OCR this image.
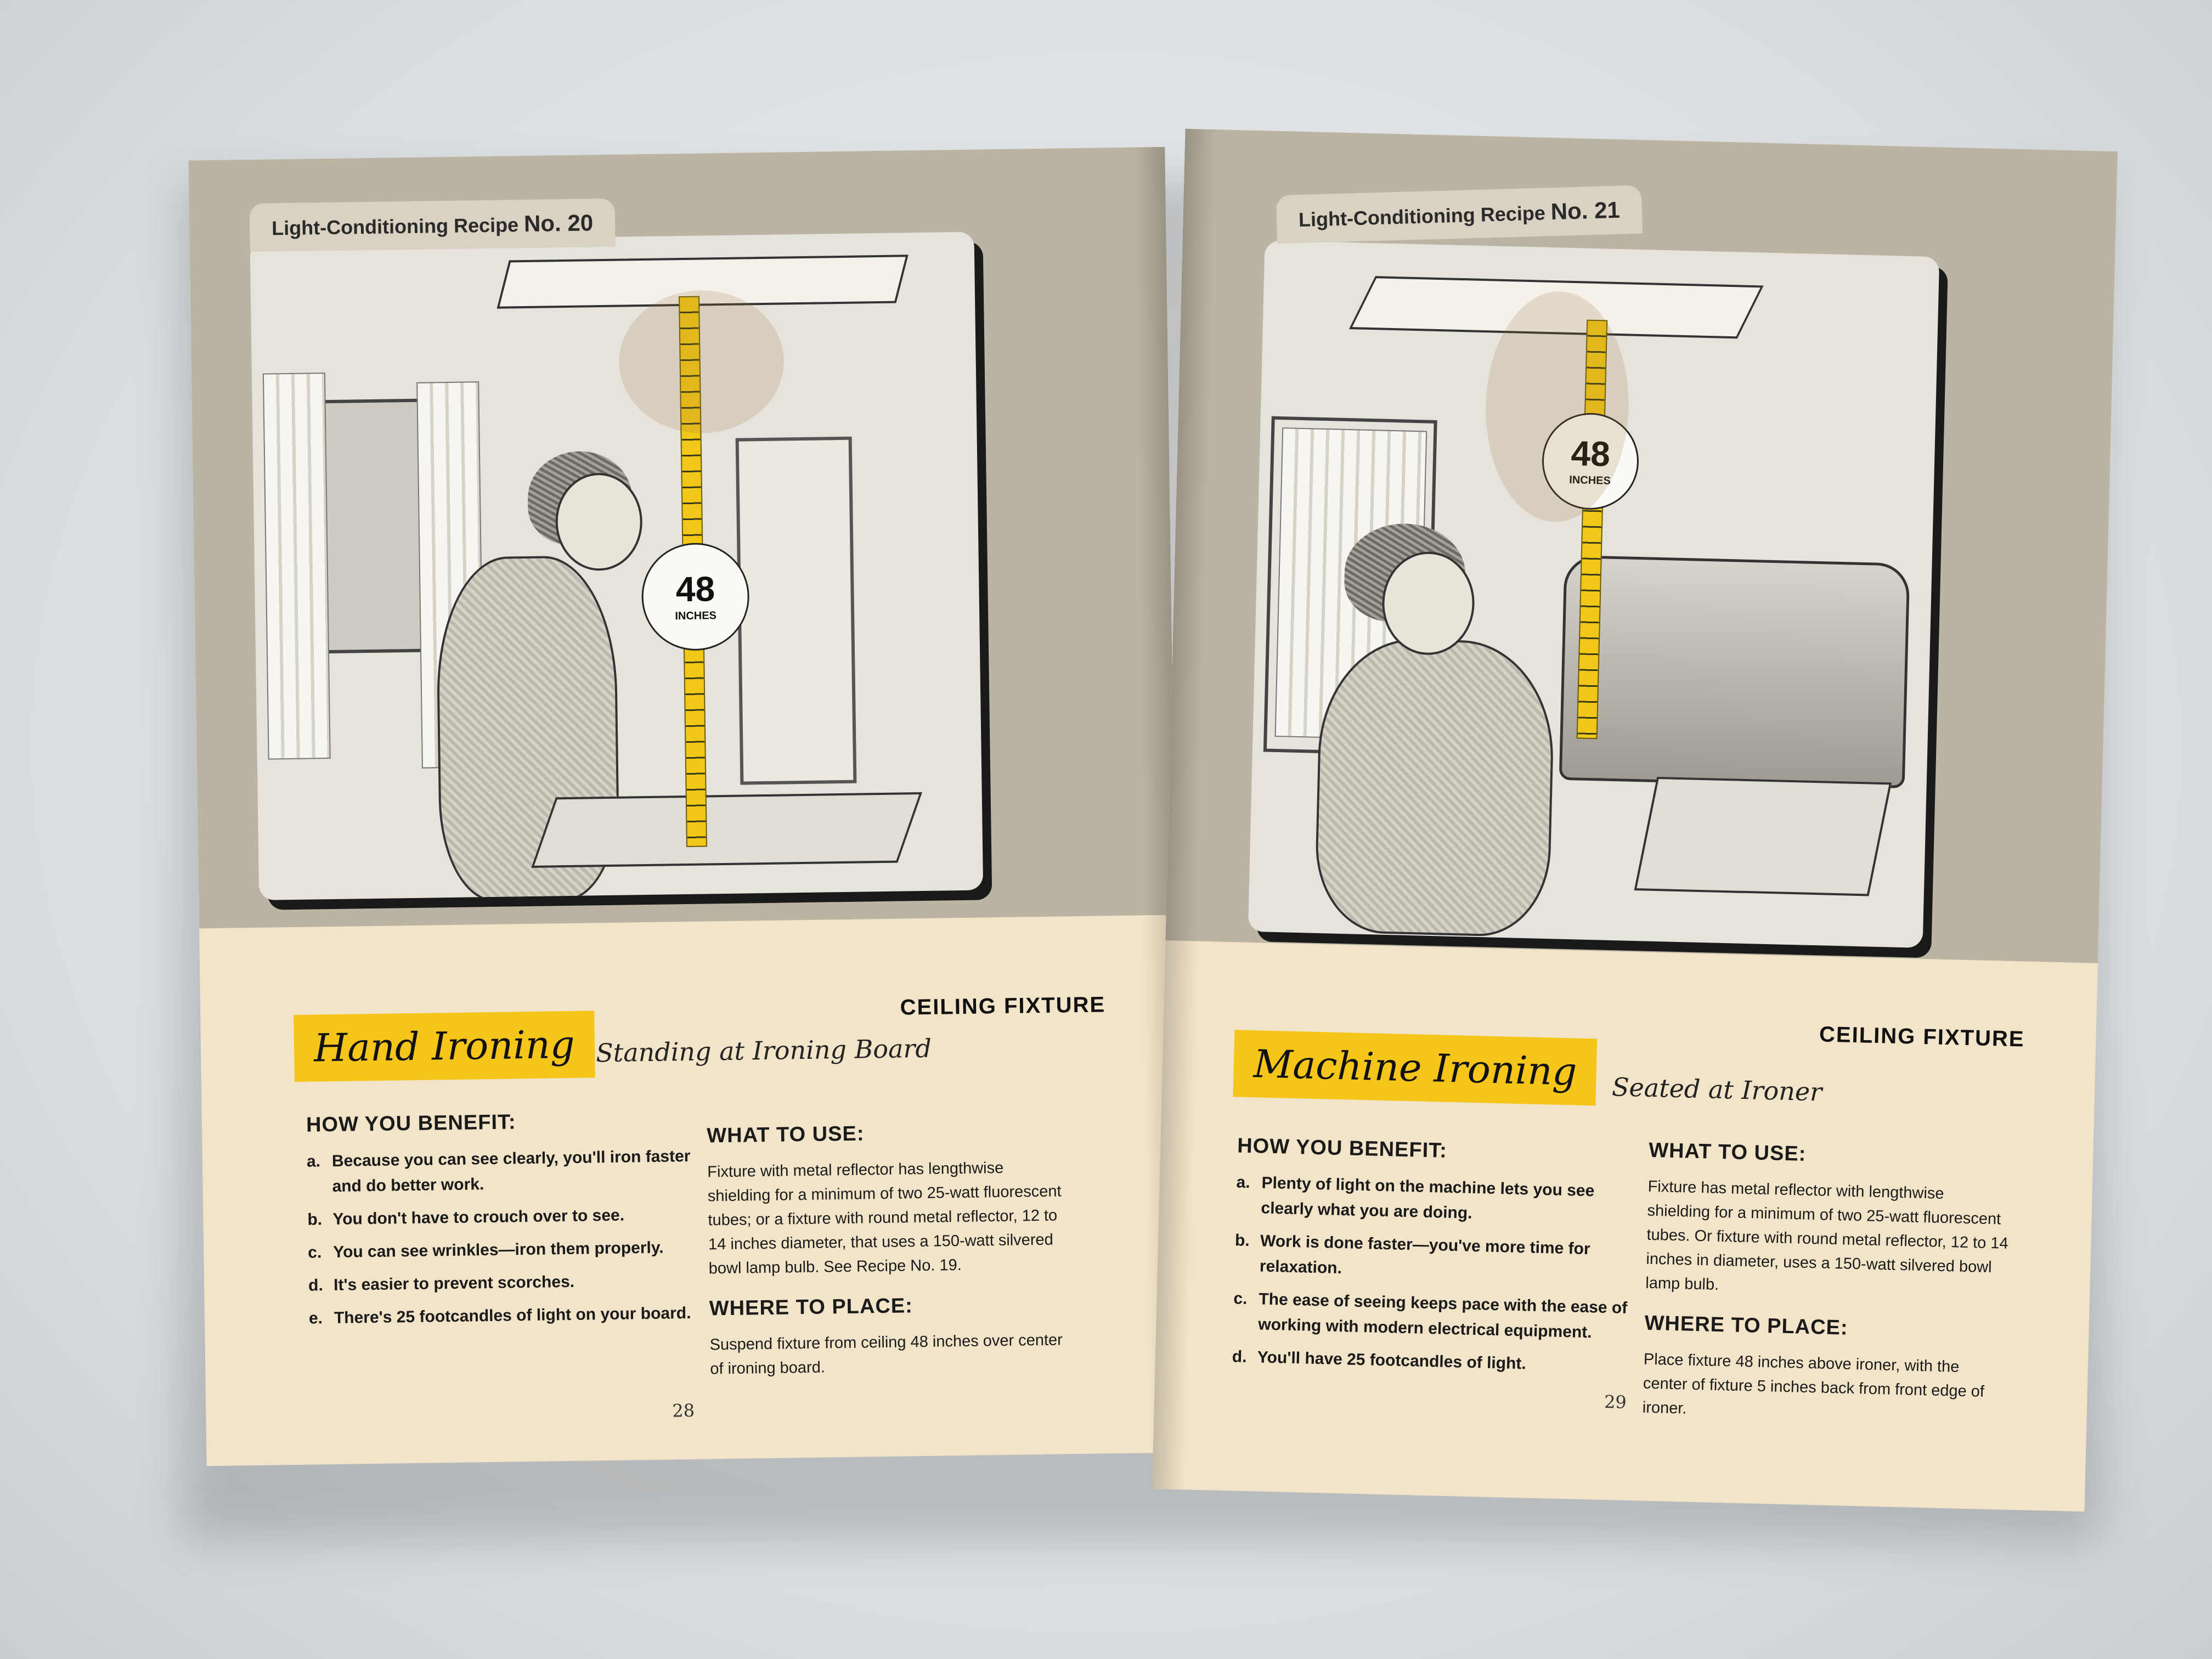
48
INCHES
Light-Conditioning Recipe No. 20
CEILING FIXTURE
Hand Ironing Standing at Ironing Board
HOW YOU BENEFIT:
a. Because you can see clearly, you'll iron faster and do better work.
b. You don't have to crouch over to see.
c. You can see wrinkles—iron them properly.
d. It's easier to prevent scorches.
e. There's 25 footcandles of light on your board.
WHAT TO USE:

Fixture with metal reflector has lengthwise shielding for a minimum of two 25-watt fluorescent tubes; or a fixture with round metal reflector, 12 to 14 inches diameter, that uses a 150-watt silvered bowl lamp bulb. See Recipe No. 19.

WHERE TO PLACE:

Suspend fixture from ceiling 48 inches over center of ironing board.

28
48
INCHES
Light-Conditioning Recipe No. 21
CEILING FIXTURE
Machine Ironing	Seated at Ironer
HOW YOU BENEFIT:
a. Plenty of light on the machine lets you see clearly what you are doing.
b. Work is done faster—you've more time for relaxation.
c. The ease of seeing keeps pace with the ease of working with modern electrical equipment.
d. You'll have 25 footcandles of light.
WHAT TO USE:

Fixture has metal reflector with lengthwise shielding for a minimum of two 25-watt fluorescent tubes. Or fixture with round metal reflector, 12 to 14 inches in diameter, uses a 150-watt silvered bowl lamp bulb.

WHERE TO PLACE:

Place fixture 48 inches above ironer, with the center of fixture 5 inches back from front edge of ironer.

29
